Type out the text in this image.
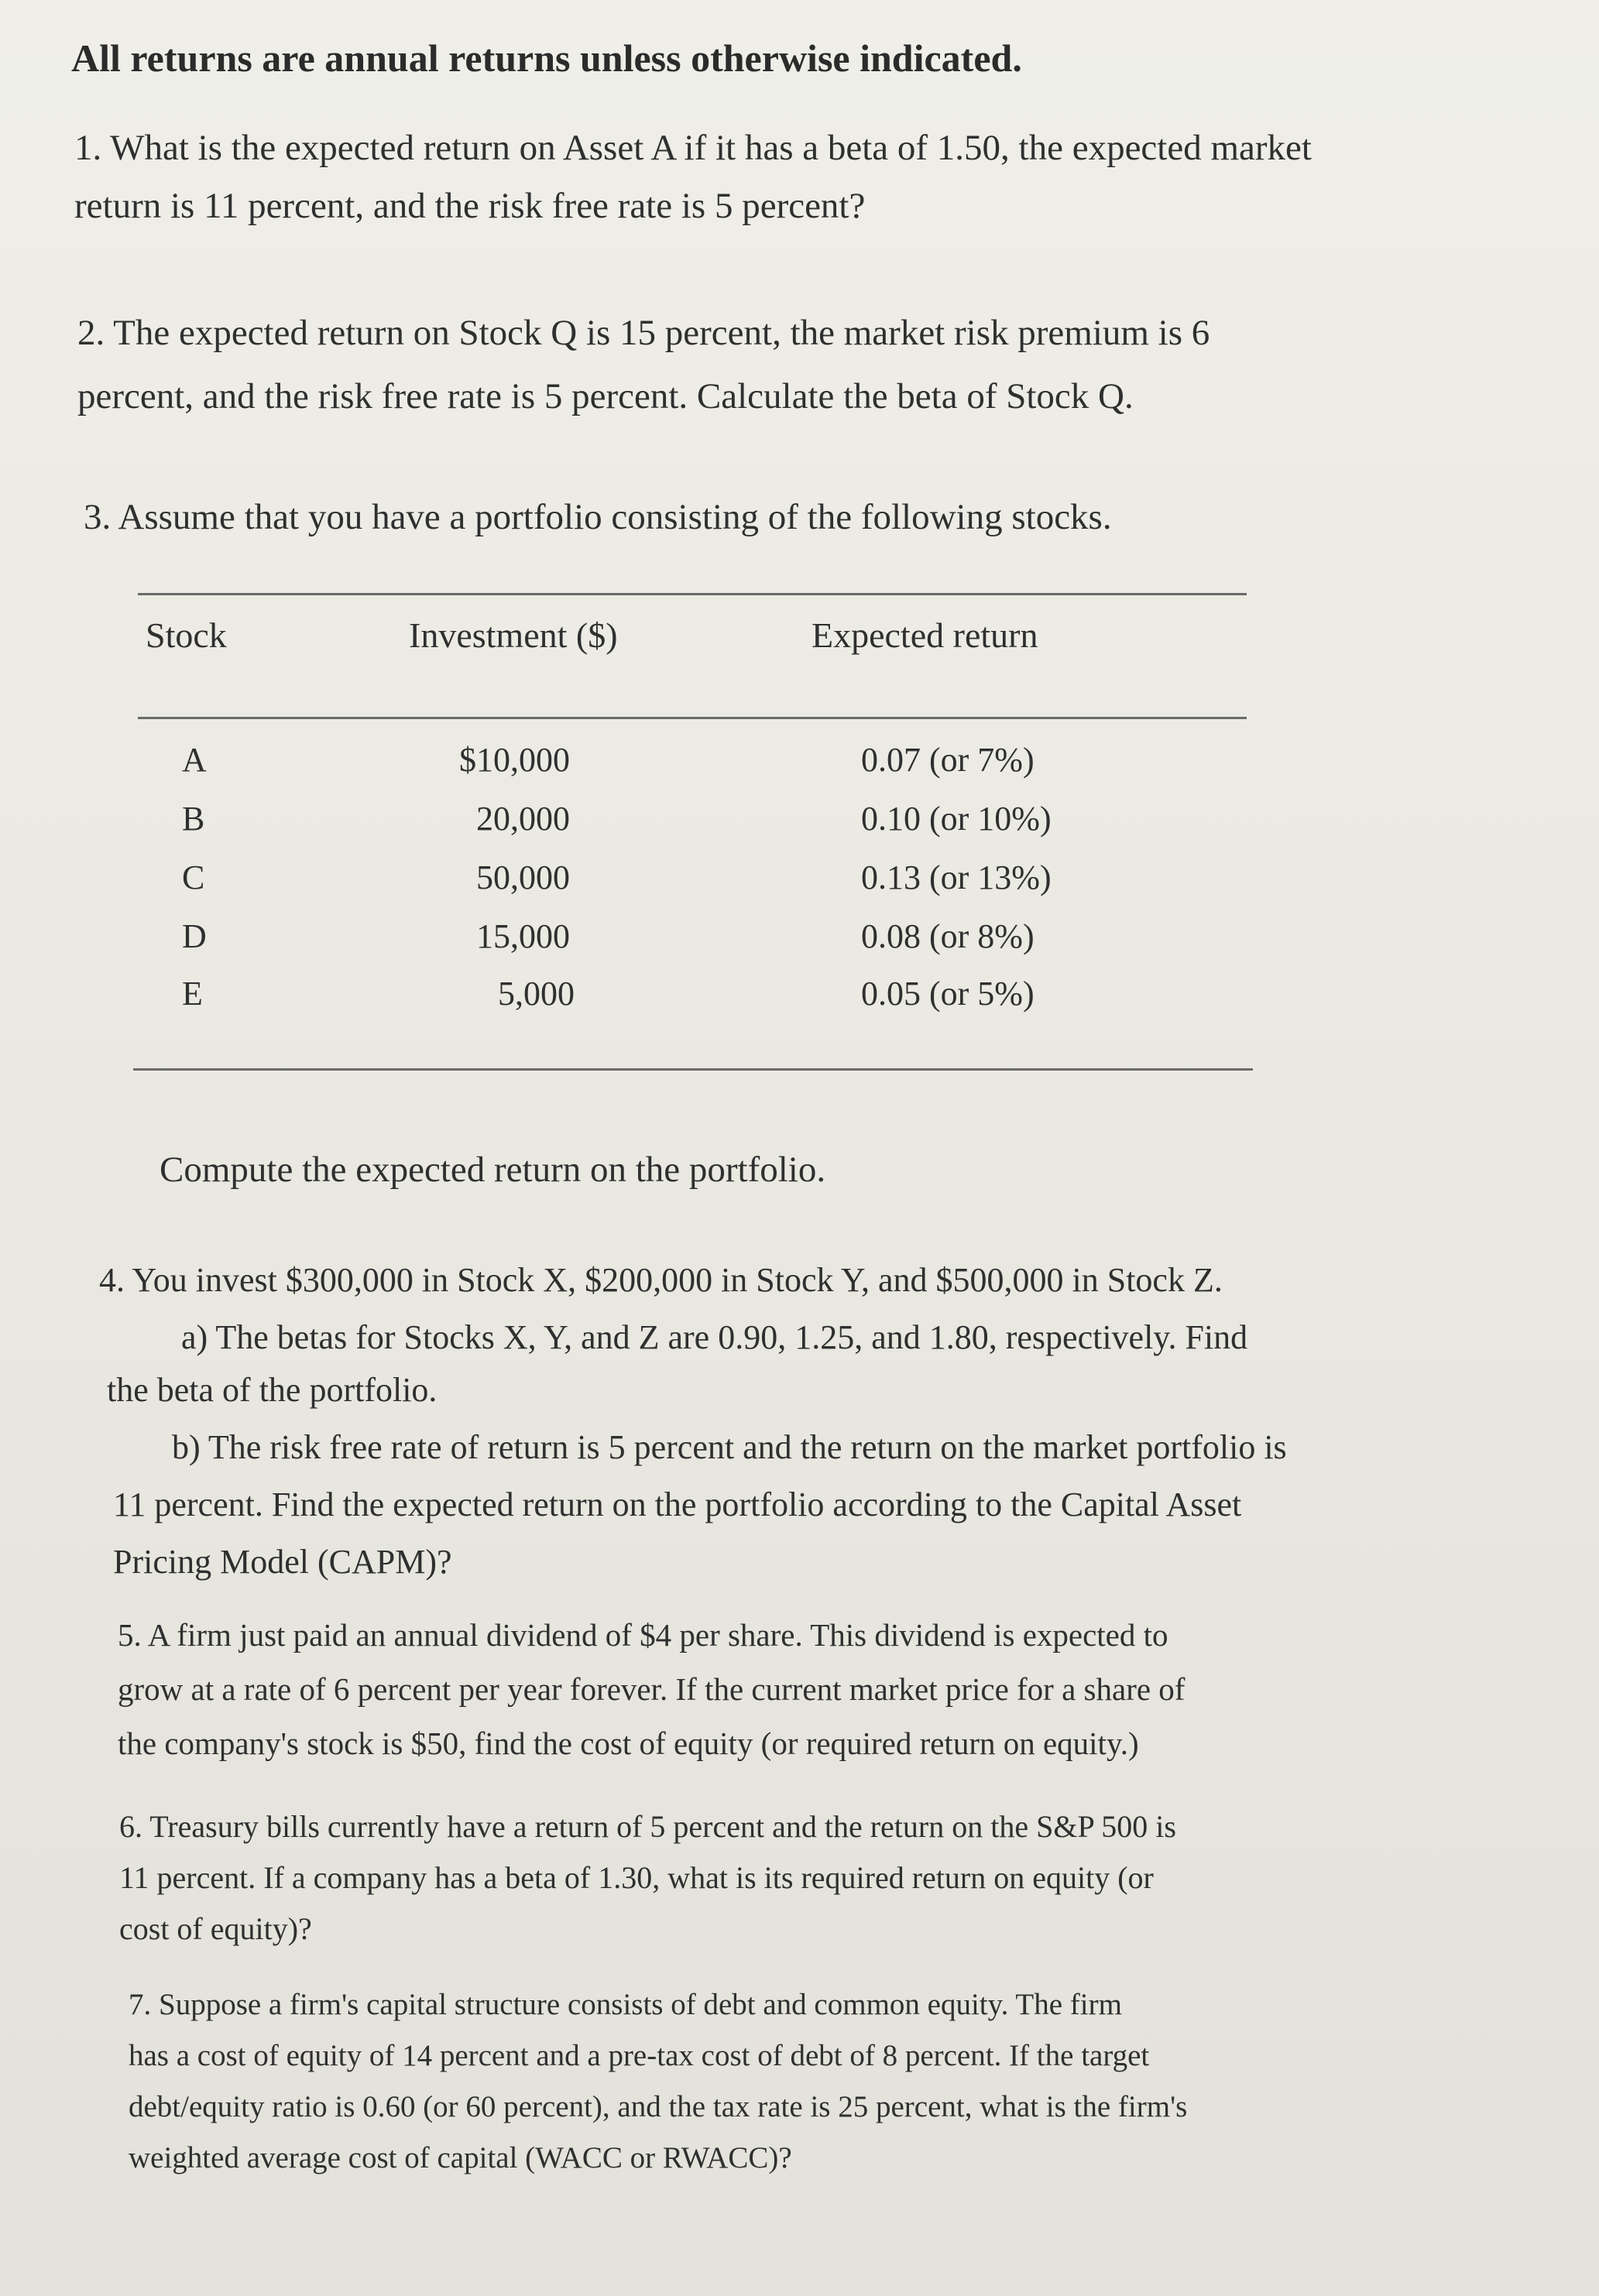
All returns are annual returns unless otherwise indicated.

1. What is the expected return on Asset A if it has a beta of 1.50, the expected market

return is 11 percent, and the risk free rate is 5 percent?

2. The expected return on Stock Q is 15 percent, the market risk premium is 6

percent, and the risk free rate is 5 percent. Calculate the beta of Stock Q.

3. Assume that you have a portfolio consisting of the following stocks.

Stock	Investment ($)	Expected return
A	$10,000	0.07 (or 7%)
B	20,000	0.10 (or 10%)
C	50,000	0.13 (or 13%)
D	15,000	0.08 (or 8%)
E	5,000	0.05 (or 5%)

Compute the expected return on the portfolio.

4. You invest $300,000 in Stock X, $200,000 in Stock Y, and $500,000 in Stock Z.

a) The betas for Stocks X, Y, and Z are 0.90, 1.25, and 1.80, respectively. Find

the beta of the portfolio.

b) The risk free rate of return is 5 percent and the return on the market portfolio is

11 percent. Find the expected return on the portfolio according to the Capital Asset

Pricing Model (CAPM)?

5. A firm just paid an annual dividend of $4 per share. This dividend is expected to

grow at a rate of 6 percent per year forever. If the current market price for a share of

the company's stock is $50, find the cost of equity (or required return on equity.)

6. Treasury bills currently have a return of 5 percent and the return on the S&P 500 is

11 percent. If a company has a beta of 1.30, what is its required return on equity (or

cost of equity)?

7. Suppose a firm's capital structure consists of debt and common equity. The firm

has a cost of equity of 14 percent and a pre-tax cost of debt of 8 percent. If the target

debt/equity ratio is 0.60 (or 60 percent), and the tax rate is 25 percent, what is the firm's

weighted average cost of capital (WACC or RWACC)?
